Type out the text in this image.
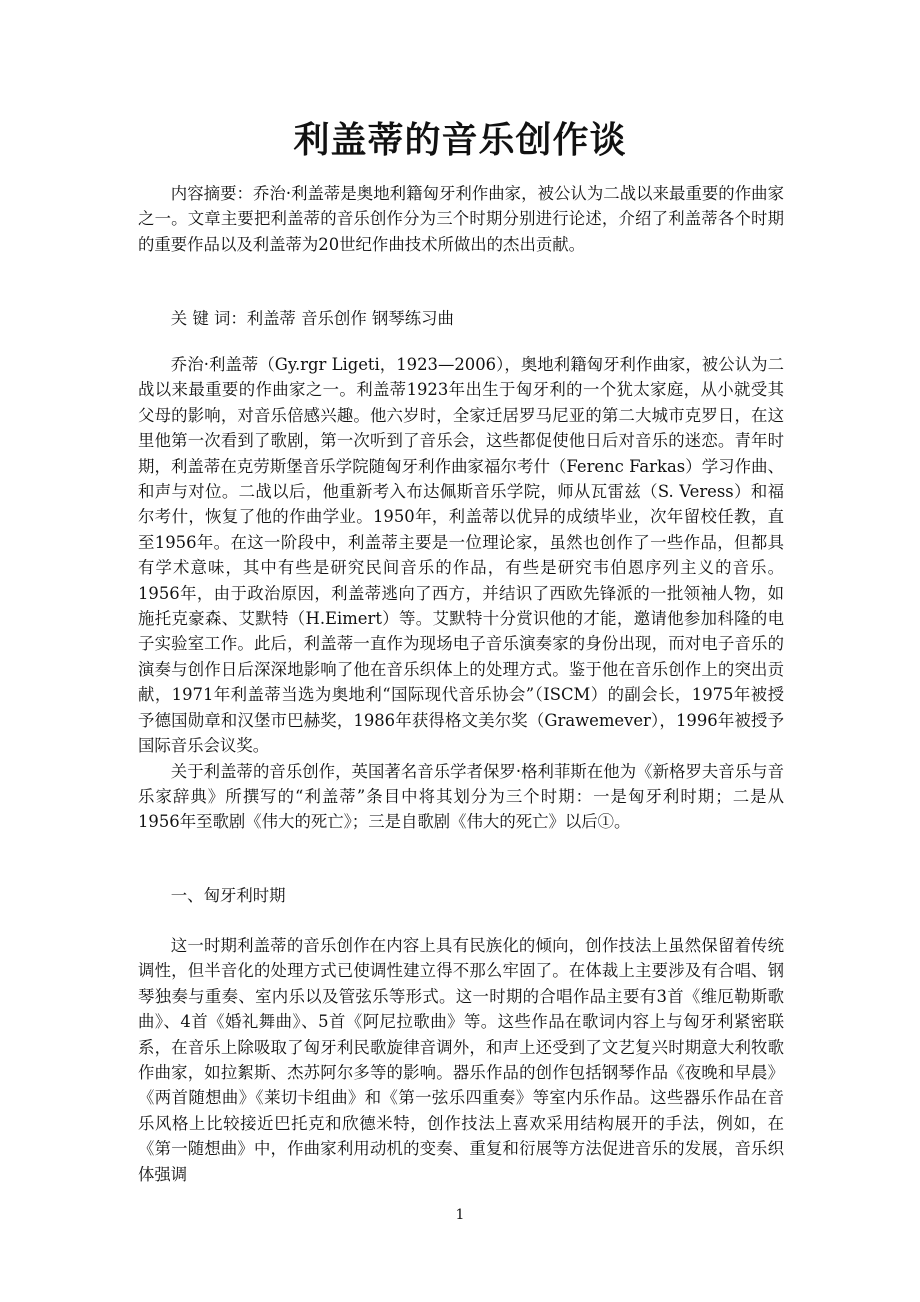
利盖蒂的音乐创作谈

内容摘要：乔治·利盖蒂是奥地利籍匈牙利作曲家，被公认为二战以来最重要的作曲家之一。文章主要把利盖蒂的音乐创作分为三个时期分别进行论述，介绍了利盖蒂各个时期的重要作品以及利盖蒂为20世纪作曲技术所做出的杰出贡献。

关 键 词：利盖蒂 音乐创作 钢琴练习曲

乔治·利盖蒂（Gy.rgr Ligeti，1923—2006），奥地利籍匈牙利作曲家，被公认为二战以来最重要的作曲家之一。利盖蒂1923年出生于匈牙利的一个犹太家庭，从小就受其父母的影响，对音乐倍感兴趣。他六岁时，全家迁居罗马尼亚的第二大城市克罗日，在这里他第一次看到了歌剧，第一次听到了音乐会，这些都促使他日后对音乐的迷恋。青年时期，利盖蒂在克劳斯堡音乐学院随匈牙利作曲家福尔考什（Ferenc Farkas）学习作曲、和声与对位。二战以后，他重新考入布达佩斯音乐学院，师从瓦雷兹（S. Veress）和福尔考什，恢复了他的作曲学业。1950年，利盖蒂以优异的成绩毕业，次年留校任教，直至1956年。在这一阶段中，利盖蒂主要是一位理论家，虽然也创作了一些作品，但都具有学术意味，其中有些是研究民间音乐的作品，有些是研究韦伯恩序列主义的音乐。1956年，由于政治原因，利盖蒂逃向了西方，并结识了西欧先锋派的一批领袖人物，如施托克豪森、艾默特（H.Eimert）等。艾默特十分赏识他的才能，邀请他参加科隆的电子实验室工作。此后，利盖蒂一直作为现场电子音乐演奏家的身份出现，而对电子音乐的演奏与创作日后深深地影响了他在音乐织体上的处理方式。鉴于他在音乐创作上的突出贡献，1971年利盖蒂当选为奥地利“国际现代音乐协会”（ISCM）的副会长，1975年被授予德国勋章和汉堡市巴赫奖，1986年获得格文美尔奖（Grawemever），1996年被授予国际音乐会议奖。

关于利盖蒂的音乐创作，英国著名音乐学者保罗·格利菲斯在他为《新格罗夫音乐与音乐家辞典》所撰写的“利盖蒂”条目中将其划分为三个时期：一是匈牙利时期；二是从1956年至歌剧《伟大的死亡》；三是自歌剧《伟大的死亡》以后①。

一、匈牙利时期

这一时期利盖蒂的音乐创作在内容上具有民族化的倾向，创作技法上虽然保留着传统调性，但半音化的处理方式已使调性建立得不那么牢固了。在体裁上主要涉及有合唱、钢琴独奏与重奏、室内乐以及管弦乐等形式。这一时期的合唱作品主要有3首《维厄勒斯歌曲》、4首《婚礼舞曲》、5首《阿尼拉歌曲》等。这些作品在歌词内容上与匈牙利紧密联系，在音乐上除吸取了匈牙利民歌旋律音调外，和声上还受到了文艺复兴时期意大利牧歌作曲家，如拉絮斯、杰苏阿尔多等的影响。器乐作品的创作包括钢琴作品《夜晚和早晨》《两首随想曲》《莱切卡组曲》和《第一弦乐四重奏》等室内乐作品。这些器乐作品在音乐风格上比较接近巴托克和欣德米特，创作技法上喜欢采用结构展开的手法，例如，在《第一随想曲》中，作曲家利用动机的变奏、重复和衍展等方法促进音乐的发展，音乐织体强调

1
